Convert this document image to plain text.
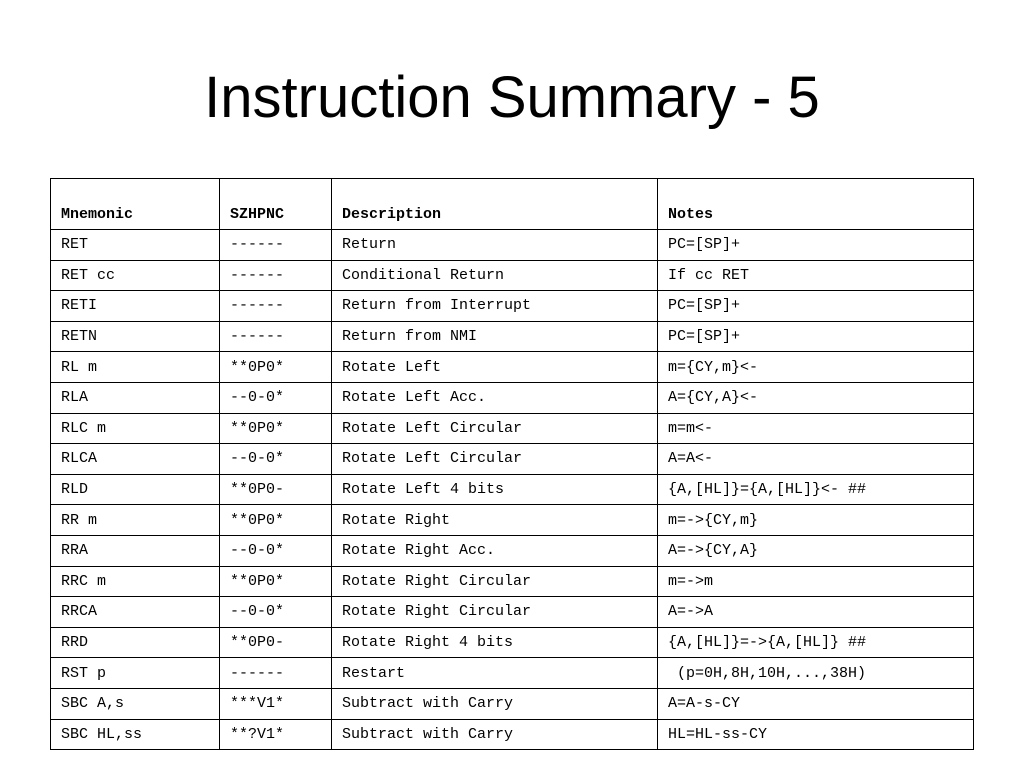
Instruction Summary - 5
Mnemonic	SZHPNC	Description	Notes
RET	------	Return	PC=[SP]+
RET cc	------	Conditional Return	If cc RET
RETI	------	Return from Interrupt	PC=[SP]+
RETN	------	Return from NMI	PC=[SP]+
RL m	**0P0*	Rotate Left	m={CY,m}<-
RLA	--0-0*	Rotate Left Acc.	A={CY,A}<-
RLC m	**0P0*	Rotate Left Circular	m=m<-
RLCA	--0-0*	Rotate Left Circular	A=A<-
RLD	**0P0-	Rotate Left 4 bits	{A,[HL]}={A,[HL]}<- ##
RR m	**0P0*	Rotate Right	m=->{CY,m}
RRA	--0-0*	Rotate Right Acc.	A=->{CY,A}
RRC m	**0P0*	Rotate Right Circular	m=->m
RRCA	--0-0*	Rotate Right Circular	A=->A
RRD	**0P0-	Rotate Right 4 bits	{A,[HL]}=->{A,[HL]} ##
RST p	------	Restart	(p=0H,8H,10H,...,38H)
SBC A,s	***V1*	Subtract with Carry	A=A-s-CY
SBC HL,ss	**?V1*	Subtract with Carry	HL=HL-ss-CY
